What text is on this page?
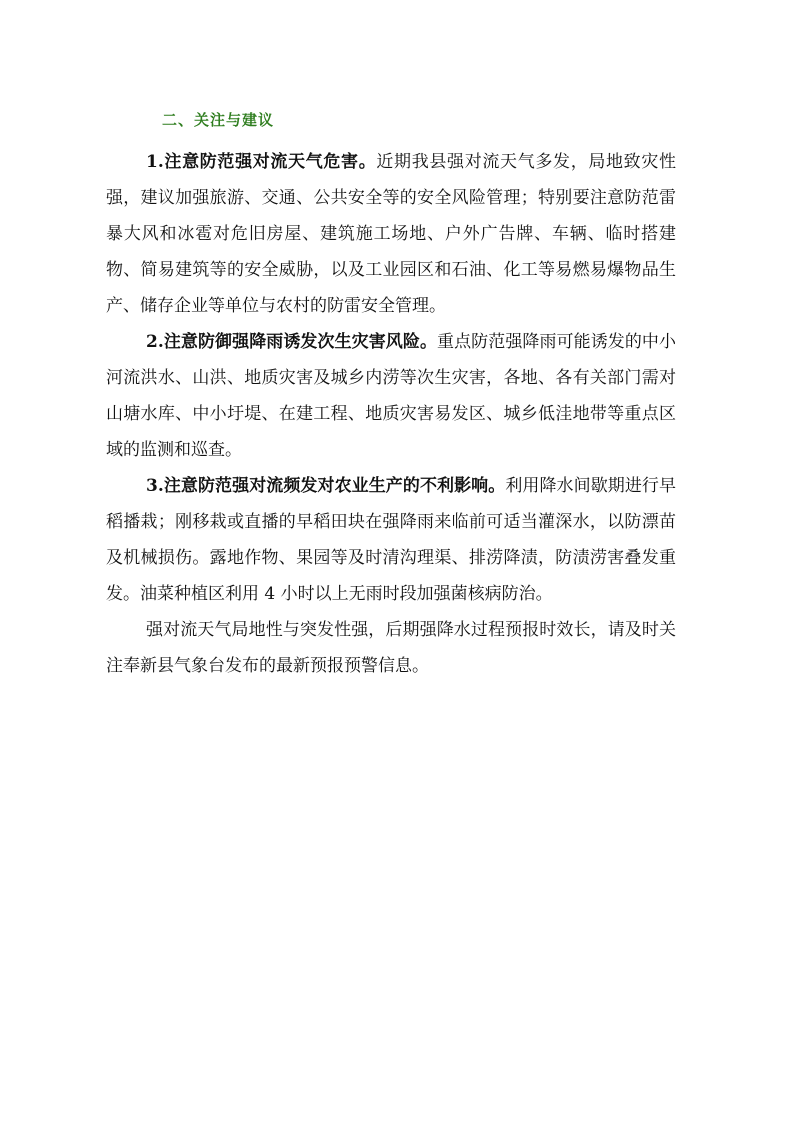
二、关注与建议

1.注意防范强对流天气危害。近期我县强对流天气多发，局地致灾性强，建议加强旅游、交通、公共安全等的安全风险管理；特别要注意防范雷暴大风和冰雹对危旧房屋、建筑施工场地、户外广告牌、车辆、临时搭建物、简易建筑等的安全威胁，以及工业园区和石油、化工等易燃易爆物品生产、储存企业等单位与农村的防雷安全管理。

2.注意防御强降雨诱发次生灾害风险。重点防范强降雨可能诱发的中小河流洪水、山洪、地质灾害及城乡内涝等次生灾害，各地、各有关部门需对山塘水库、中小圩堤、在建工程、地质灾害易发区、城乡低洼地带等重点区域的监测和巡查。

3.注意防范强对流频发对农业生产的不利影响。利用降水间歇期进行早稻播栽；刚移栽或直播的早稻田块在强降雨来临前可适当灌深水，以防漂苗及机械损伤。露地作物、果园等及时清沟理渠、排涝降渍，防渍涝害叠发重发。油菜种植区利用 4 小时以上无雨时段加强菌核病防治。

强对流天气局地性与突发性强，后期强降水过程预报时效长，请及时关注奉新县气象台发布的最新预报预警信息。
